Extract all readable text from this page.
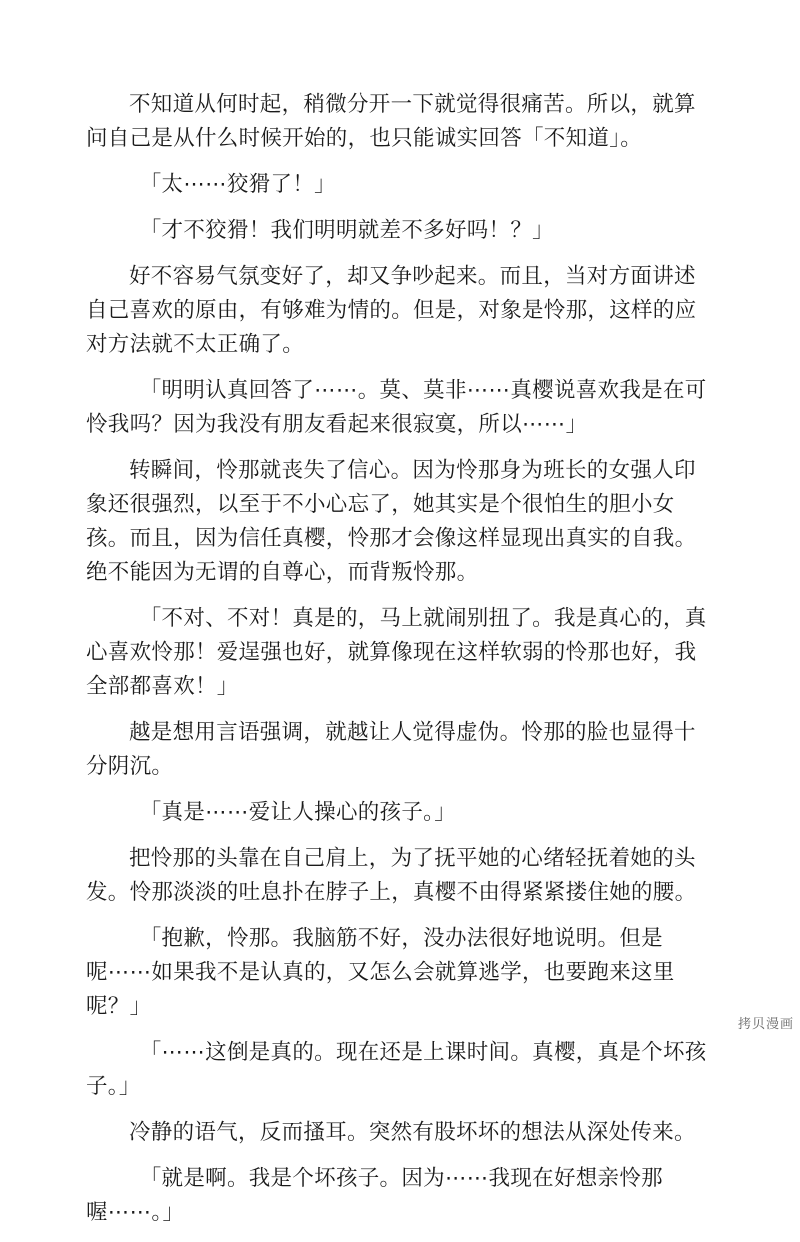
不知道从何时起，稍微分开一下就觉得很痛苦。所以，就算问自己是从什么时候开始的，也只能诚实回答「不知道」。

「太⋯⋯狡猾了！」

「才不狡猾！我们明明就差不多好吗！？」

好不容易气氛变好了，却又争吵起来。而且，当对方面讲述自己喜欢的原由，有够难为情的。但是，对象是怜那，这样的应对方法就不太正确了。

「明明认真回答了⋯⋯。莫、莫非⋯⋯真樱说喜欢我是在可怜我吗？因为我没有朋友看起来很寂寞，所以⋯⋯」

转瞬间，怜那就丧失了信心。因为怜那身为班长的女强人印象还很强烈，以至于不小心忘了，她其实是个很怕生的胆小女孩。而且，因为信任真樱，怜那才会像这样显现出真实的自我。绝不能因为无谓的自尊心，而背叛怜那。

「不对、不对！真是的，马上就闹别扭了。我是真心的，真心喜欢怜那！爱逞强也好，就算像现在这样软弱的怜那也好，我全部都喜欢！」

越是想用言语强调，就越让人觉得虚伪。怜那的脸也显得十分阴沉。

「真是⋯⋯爱让人操心的孩子。」

把怜那的头靠在自己肩上，为了抚平她的心绪轻抚着她的头发。怜那淡淡的吐息扑在脖子上，真樱不由得紧紧搂住她的腰。

「抱歉，怜那。我脑筋不好，没办法很好地说明。但是呢⋯⋯如果我不是认真的，又怎么会就算逃学，也要跑来这里呢？」

「⋯⋯这倒是真的。现在还是上课时间。真樱，真是个坏孩子。」

冷静的语气，反而搔耳。突然有股坏坏的想法从深处传来。

「就是啊。我是个坏孩子。因为⋯⋯我现在好想亲怜那喔⋯⋯。」

拷贝漫画
